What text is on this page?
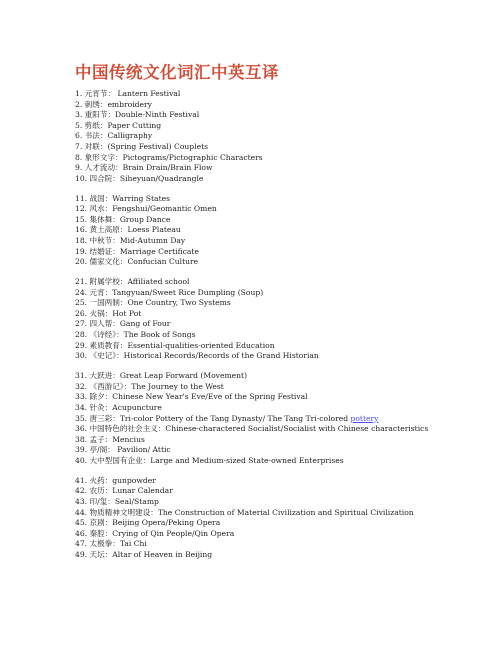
中国传统文化词汇中英互译
1. 元宵节： Lantern Festival
2. 刺绣：embroidery
3. 重阳节：Double-Ninth Festival
5. 剪纸：Paper Cutting
6. 书法：Calligraphy
7. 对联：(Spring Festival) Couplets
8. 象形文字：Pictograms/Pictographic Characters
9. 人才流动：Brain Drain/Brain Flow
10. 四合院：Siheyuan/Quadrangle
11. 战国：Warring States
12. 风水：Fengshui/Geomantic Omen
15. 集体舞：Group Dance
16. 黄土高原：Loess Plateau
18. 中秋节：Mid-Autumn Day
19. 结婚证：Marriage Certificate
20. 儒家文化：Confucian Culture
21. 附属学校：Affiliated school
24. 元宵：Tangyuan/Sweet Rice Dumpling (Soup)
25. 一国两制：One Country, Two Systems
26. 火锅：Hot Pot
27. 四人帮：Gang of Four
28. 《诗经》：The Book of Songs
29. 素质教育：Essential-qualities-oriented Education
30. 《史记》：Historical Records/Records of the Grand Historian
31. 大跃进：Great Leap Forward (Movement)
32. 《西游记》：The Journey to the West
33. 除夕：Chinese New Year's Eve/Eve of the Spring Festival
34. 针灸：Acupuncture
35. 唐三彩：Tri-color Pottery of the Tang Dynasty/ The Tang Tri-colored pottery
36. 中国特色的社会主义：Chinese-charactered Socialist/Socialist with Chinese characteristics
38. 孟子：Mencius
39. 亭/阁： Pavilion/ Attic
40. 大中型国有企业：Large and Medium-sized State-owned Enterprises
41. 火药：gunpowder
42. 农历：Lunar Calendar
43. 印/玺：Seal/Stamp
44. 物质精神文明建设：The Construction of Material Civilization and Spiritual Civilization
45. 京剧：Beijing Opera/Peking Opera
46. 秦腔：Crying of Qin People/Qin Opera
47. 太极拳：Tai Chi
49. 天坛：Altar of Heaven in Beijing
